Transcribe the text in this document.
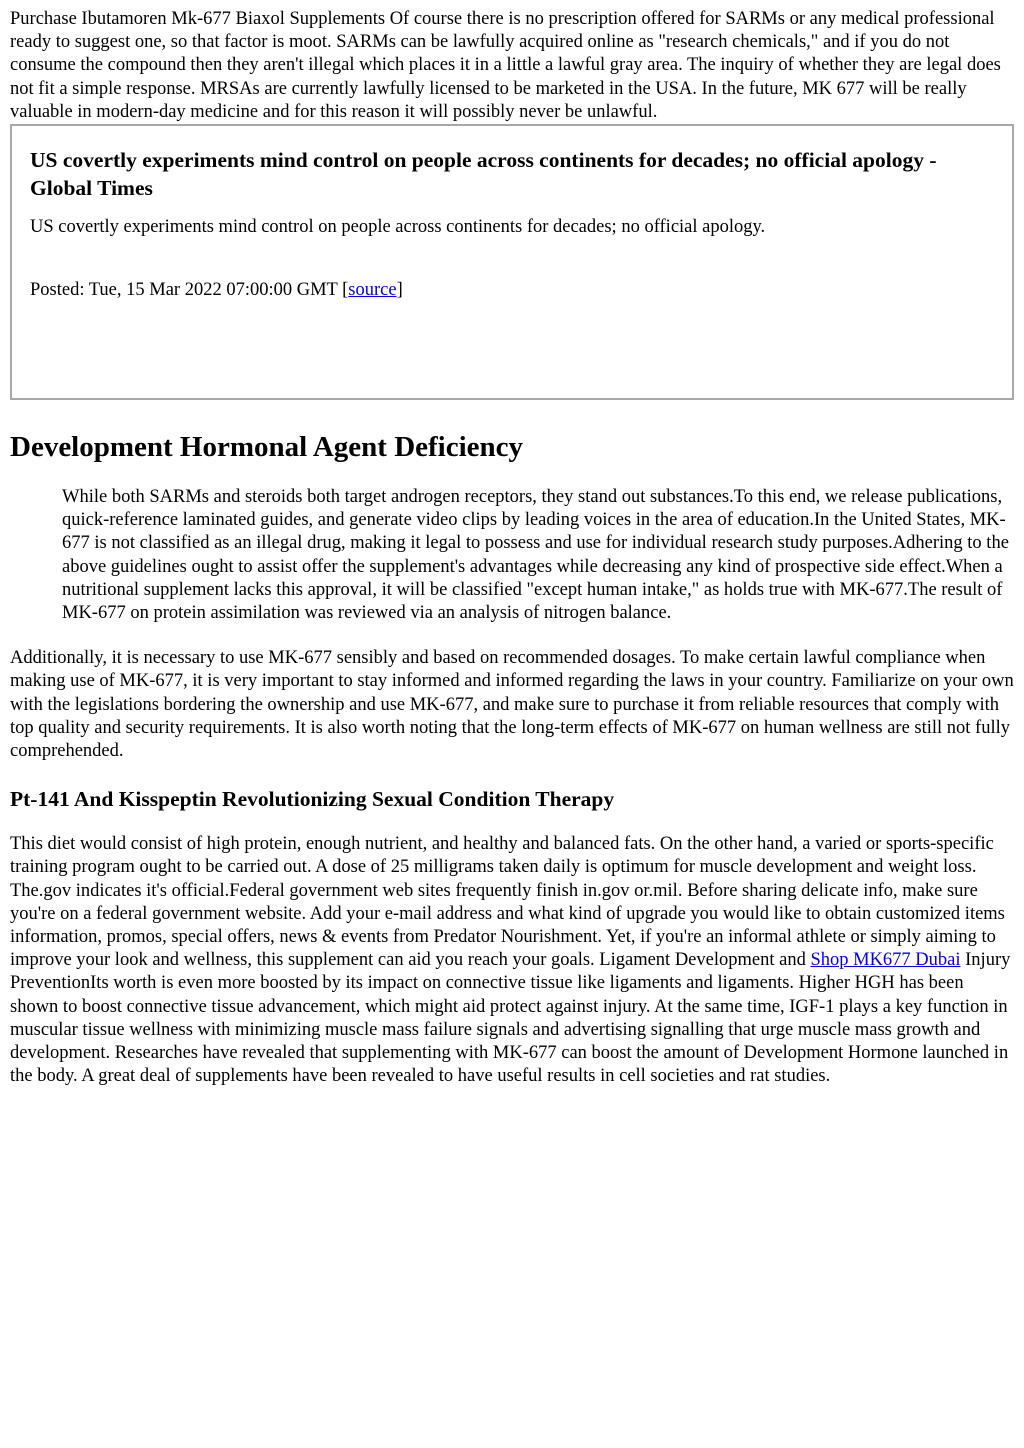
Purchase Ibutamoren Mk-677 Biaxol Supplements Of course there is no prescription offered for SARMs or any medical professional ready to suggest one, so that factor is moot. SARMs can be lawfully acquired online as "research chemicals," and if you do not consume the compound then they aren't illegal which places it in a little a lawful gray area. The inquiry of whether they are legal does not fit a simple response. MRSAs are currently lawfully licensed to be marketed in the USA. In the future, MK 677 will be really valuable in modern-day medicine and for this reason it will possibly never be unlawful.

US covertly experiments mind control on people across continents for decades; no official apology - Global Times

US covertly experiments mind control on people across continents for decades; no official apology.

Posted: Tue, 15 Mar 2022 07:00:00 GMT [source]

Development Hormonal Agent Deficiency

While both SARMs and steroids both target androgen receptors, they stand out substances.To this end, we release publications, quick-reference laminated guides, and generate video clips by leading voices in the area of education.In the United States, MK-677 is not classified as an illegal drug, making it legal to possess and use for individual research study purposes.Adhering to the above guidelines ought to assist offer the supplement's advantages while decreasing any kind of prospective side effect.When a nutritional supplement lacks this approval, it will be classified "except human intake," as holds true with MK-677.The result of MK-677 on protein assimilation was reviewed via an analysis of nitrogen balance.

Additionally, it is necessary to use MK-677 sensibly and based on recommended dosages. To make certain lawful compliance when making use of MK-677, it is very important to stay informed and informed regarding the laws in your country. Familiarize on your own with the legislations bordering the ownership and use MK-677, and make sure to purchase it from reliable resources that comply with top quality and security requirements. It is also worth noting that the long-term effects of MK-677 on human wellness are still not fully comprehended.

Pt-141 And Kisspeptin Revolutionizing Sexual Condition Therapy

This diet would consist of high protein, enough nutrient, and healthy and balanced fats. On the other hand, a varied or sports-specific training program ought to be carried out. A dose of 25 milligrams taken daily is optimum for muscle development and weight loss. The.gov indicates it's official.Federal government web sites frequently finish in.gov or.mil. Before sharing delicate info, make sure you're on a federal government website. Add your e-mail address and what kind of upgrade you would like to obtain customized items information, promos, special offers, news & events from Predator Nourishment. Yet, if you're an informal athlete or simply aiming to improve your look and wellness, this supplement can aid you reach your goals. Ligament Development and Shop MK677 Dubai Injury PreventionIts worth is even more boosted by its impact on connective tissue like ligaments and ligaments. Higher HGH has been shown to boost connective tissue advancement, which might aid protect against injury. At the same time, IGF-1 plays a key function in muscular tissue wellness with minimizing muscle mass failure signals and advertising signalling that urge muscle mass growth and development. Researches have revealed that supplementing with MK-677 can boost the amount of Development Hormone launched in the body. A great deal of supplements have been revealed to have useful results in cell societies and rat studies.
